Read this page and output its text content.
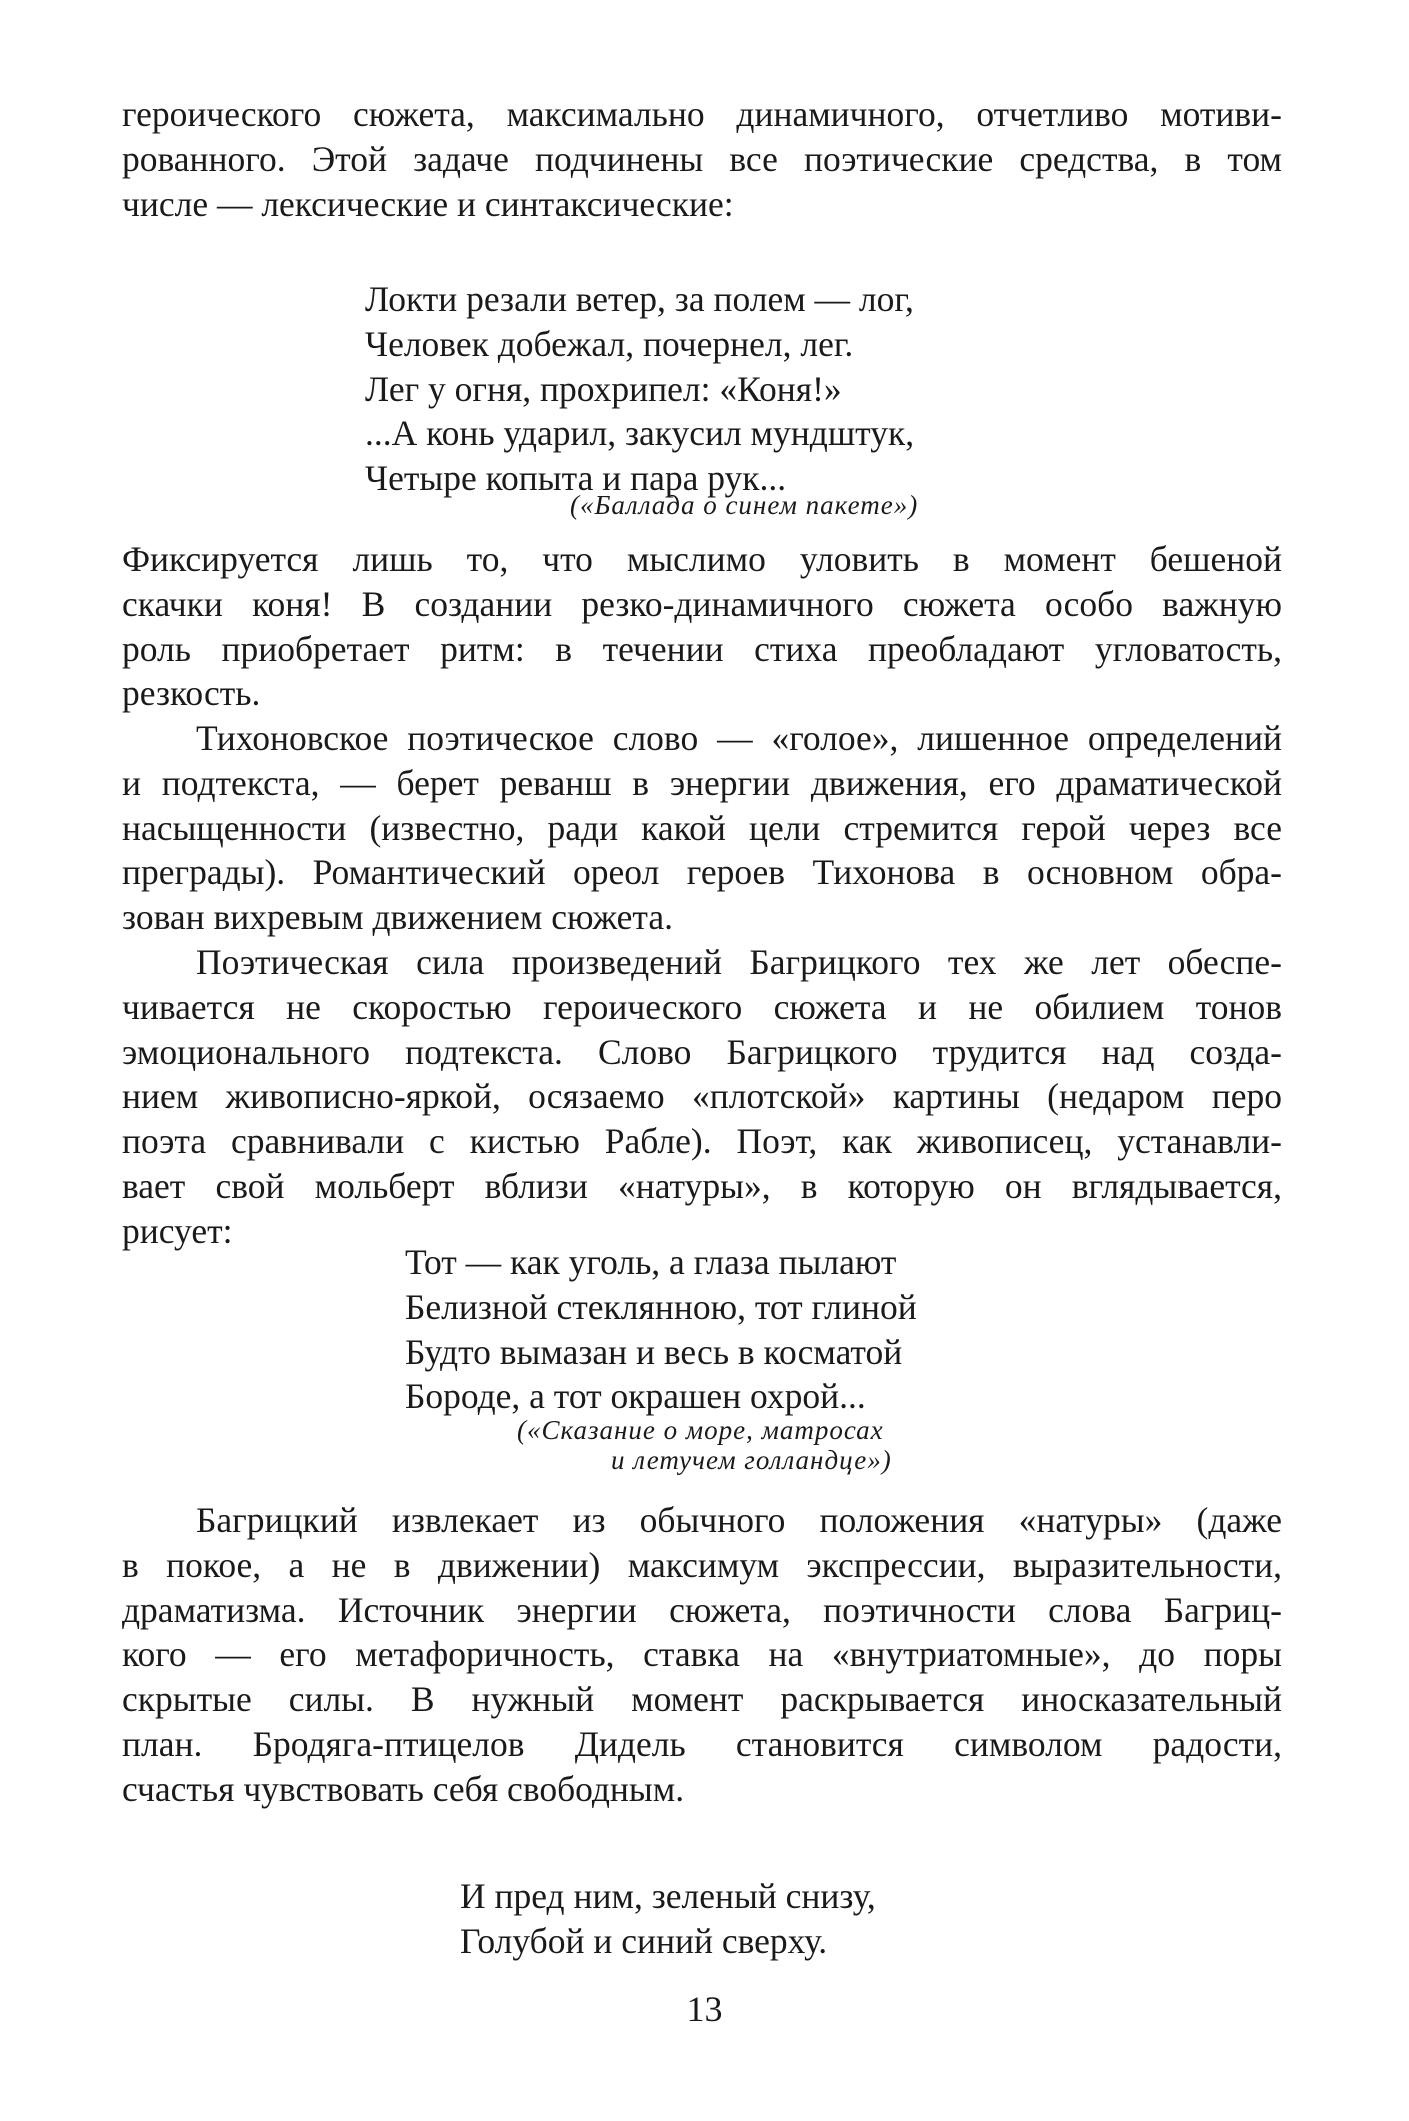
героического сюжета, максимально динамичного, отчетливо мотиви-
рованного. Этой задаче подчинены все поэтические средства, в том
числе — лексические и синтаксические:

Локти резали ветер, за полем — лог,
Человек добежал, почернел, лег.
Лег у огня, прохрипел: «Коня!»
...А конь ударил, закусил мундштук,
Четыре копыта и пара рук...
(«Баллада о синем пакете»)

Фиксируется лишь то, что мыслимо уловить в момент бешеной
скачки коня! В создании резко-динамичного сюжета особо важную
роль приобретает ритм: в течении стиха преобладают угловатость,
резкость.

Тихоновское поэтическое слово — «голое», лишенное определений
и подтекста, — берет реванш в энергии движения, его драматической
насыщенности (известно, ради какой цели стремится герой через все
преграды). Романтический ореол героев Тихонова в основном обра-
зован вихревым движением сюжета.

Поэтическая сила произведений Багрицкого тех же лет обеспе-
чивается не скоростью героического сюжета и не обилием тонов
эмоционального подтекста. Слово Багрицкого трудится над созда-
нием живописно-яркой, осязаемо «плотской» картины (недаром перо
поэта сравнивали с кистью Рабле). Поэт, как живописец, устанавли-
вает свой мольберт вблизи «натуры», в которую он вглядывается,
рисует:

Тот — как уголь, а глаза пылают
Белизной стеклянною, тот глиной
Будто вымазан и весь в косматой
Бороде, а тот окрашен охрой...
(«Сказание о море, матросах
и летучем голландце»)

Багрицкий извлекает из обычного положения «натуры» (даже
в покое, а не в движении) максимум экспрессии, выразительности,
драматизма. Источник энергии сюжета, поэтичности слова Багриц-
кого — его метафоричность, ставка на «внутриатомные», до поры
скрытые силы. В нужный момент раскрывается иносказательный
план. Бродяга-птицелов Дидель становится символом радости,
счастья чувствовать себя свободным.

И пред ним, зеленый снизу,
Голубой и синий сверху.
13
